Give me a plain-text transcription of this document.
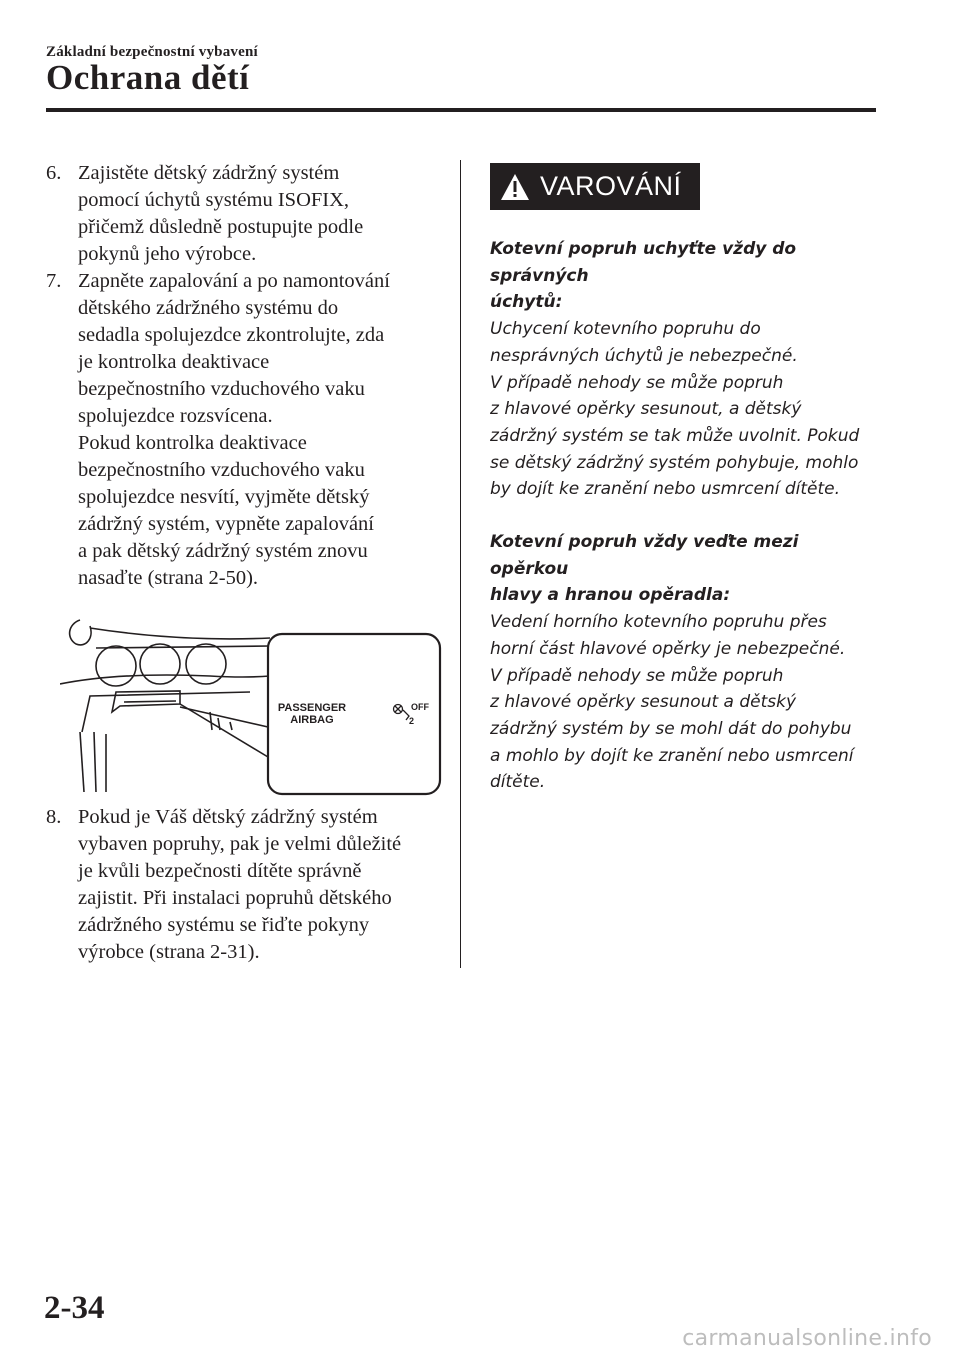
Základní bezpečnostní vybavení
Ochrana dětí
6. Zajistěte dětský zádržný systém
pomocí úchytů systému ISOFIX,
přičemž důsledně postupujte podle
pokynů jeho výrobce.
7. Zapněte zapalování a po namontování
dětského zádržného systému do
sedadla spolujezdce zkontrolujte, zda
je kontrolka deaktivace
bezpečnostního vzduchového vaku
spolujezdce rozsvícena.
Pokud kontrolka deaktivace
bezpečnostního vzduchového vaku
spolujezdce nesvítí, vyjměte dětský
zádržný systém, vypněte zapalování
a pak dětský zádržný systém znovu
nasaďte (strana 2-50).
PASSENGER
AIRBAG
OFF
2
8. Pokud je Váš dětský zádržný systém
vybaven popruhy, pak je velmi důležité
je kvůli bezpečnosti dítěte správně
zajistit. Při instalaci popruhů dětského
zádržného systému se řiďte pokyny
výrobce (strana 2-31).
VAROVÁNÍ
Kotevní popruh uchyťte vždy do správných
úchytů:
Uchycení kotevního popruhu do
nesprávných úchytů je nebezpečné.
V případě nehody se může popruh
z hlavové opěrky sesunout, a dětský
zádržný systém se tak může uvolnit. Pokud
se dětský zádržný systém pohybuje, mohlo
by dojít ke zranění nebo usmrcení dítěte.
Kotevní popruh vždy veďte mezi opěrkou
hlavy a hranou opěradla:
Vedení horního kotevního popruhu přes
horní část hlavové opěrky je nebezpečné.
V případě nehody se může popruh
z hlavové opěrky sesunout a dětský
zádržný systém by se mohl dát do pohybu
a mohlo by dojít ke zranění nebo usmrcení
dítěte.
2-34
carmanualsonline.info
